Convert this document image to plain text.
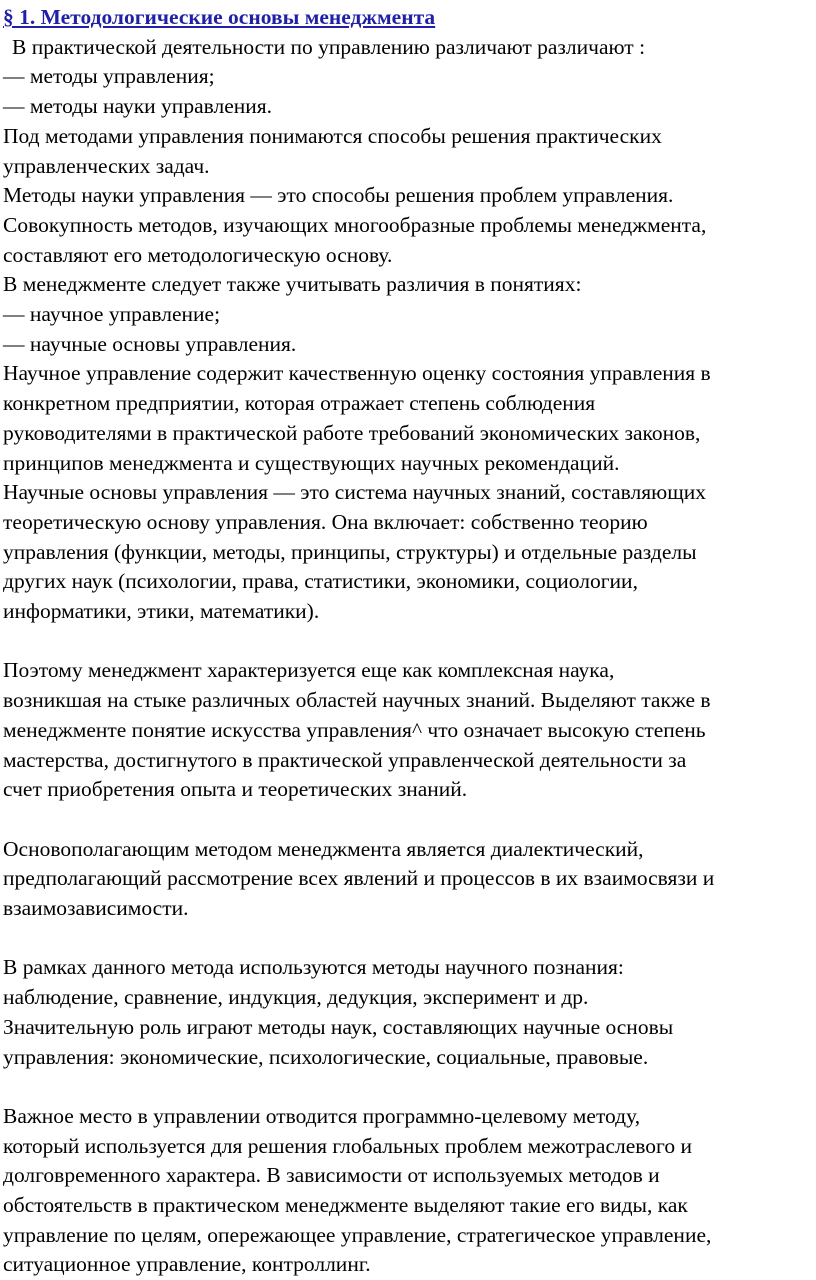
§ 1. Методологические основы менеджмента
В практической деятельности по управлению различают различают :
— методы управления;
— методы науки управления.
Под методами управления понимаются способы решения практических
управленческих задач.
Методы науки управления — это способы решения проблем управления.
Совокупность методов, изучающих многообразные проблемы менеджмента,
составляют его методологическую основу.
В менеджменте следует также учитывать различия в понятиях:
— научное управление;
— научные основы управления.
Научное управление содержит качественную оценку состояния управления в
конкретном предприятии, которая отражает степень соблюдения
руководителями в практической работе требований экономических законов,
принципов менеджмента и существующих научных рекомендаций.
Научные основы управления — это система научных знаний, составляющих
теоретическую основу управления. Она включает: собственно теорию
управления (функции, методы, принципы, структуры) и отдельные разделы
других наук (психологии, права, статистики, экономики, социологии,
информатики, этики, математики).
Поэтому менеджмент характеризуется еще как комплексная наука,
возникшая на стыке различных областей научных знаний. Выделяют также в
менеджменте понятие искусства управления^ что означает высокую степень
мастерства, достигнутого в практической управленческой деятельности за
счет приобретения опыта и теоретических знаний.
Основополагающим методом менеджмента является диалектический,
предполагающий рассмотрение всех явлений и процессов в их взаимосвязи и
взаимозависимости.
В рамках данного метода используются методы научного познания:
наблюдение, сравнение, индукция, дедукция, эксперимент и др.
Значительную роль играют методы наук, составляющих научные основы
управления: экономические, психологические, социальные, правовые.
Важное место в управлении отводится программно-целевому методу,
который используется для решения глобальных проблем межотраслевого и
долговременного характера. В зависимости от используемых методов и
обстоятельств в практическом менеджменте выделяют такие его виды, как
управление по целям, опережающее управление, стратегическое управление,
ситуационное управление, контроллинг.
